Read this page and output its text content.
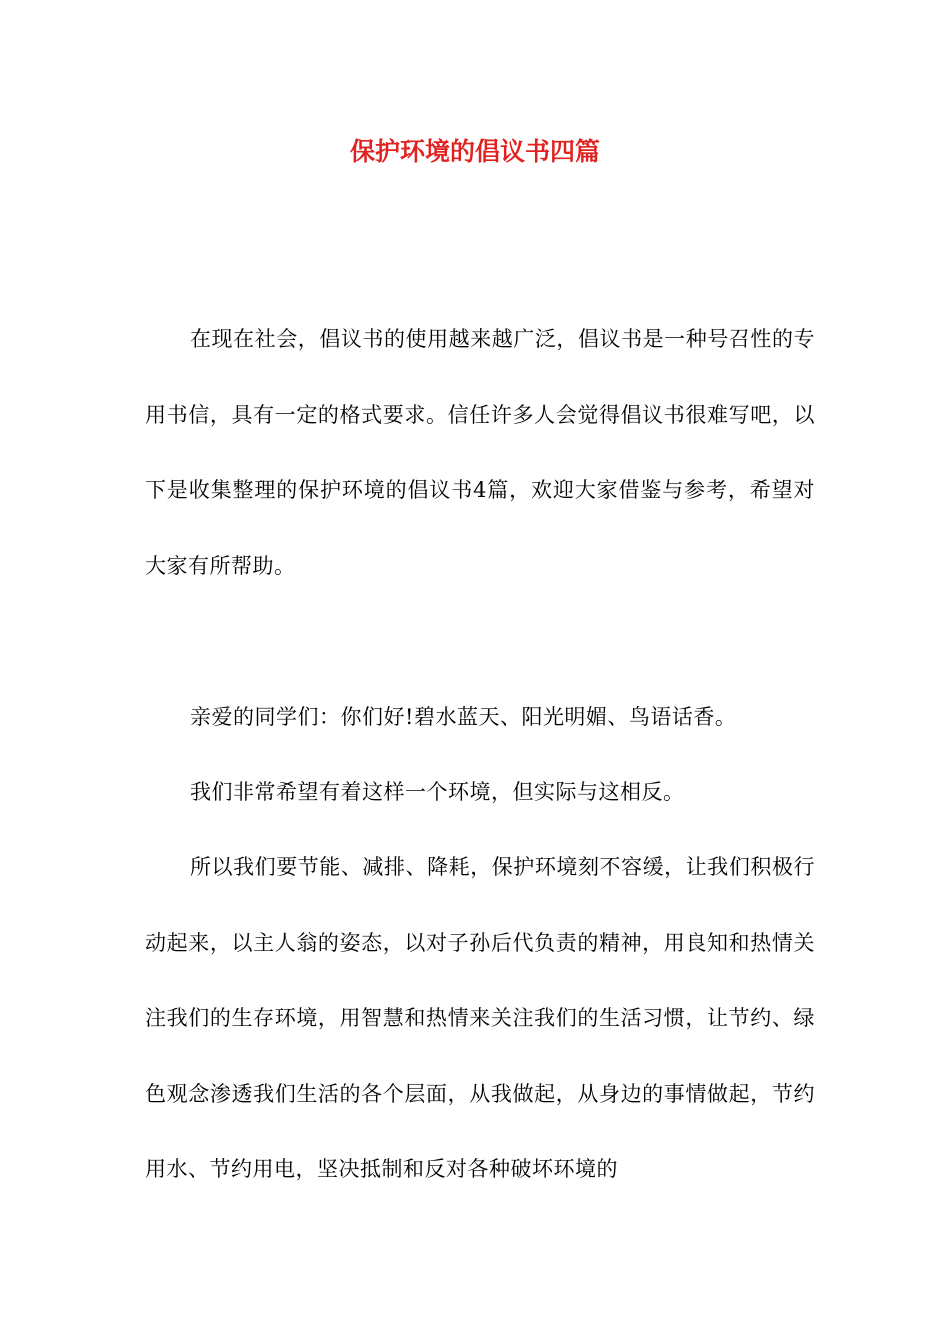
保护环境的倡议书四篇

在现在社会，倡议书的使用越来越广泛，倡议书是一种号召性的专用书信，具有一定的格式要求。信任许多人会觉得倡议书很难写吧，以下是收集整理的保护环境的倡议书4篇，欢迎大家借鉴与参考，希望对大家有所帮助。

亲爱的同学们：你们好!碧水蓝天、阳光明媚、鸟语话香。

我们非常希望有着这样一个环境，但实际与这相反。

所以我们要节能、减排、降耗，保护环境刻不容缓，让我们积极行动起来，以主人翁的姿态，以对子孙后代负责的精神，用良知和热情关注我们的生存环境，用智慧和热情来关注我们的生活习惯，让节约、绿色观念渗透我们生活的各个层面，从我做起，从身边的事情做起，节约用水、节约用电，坚决抵制和反对各种破坏环境的
